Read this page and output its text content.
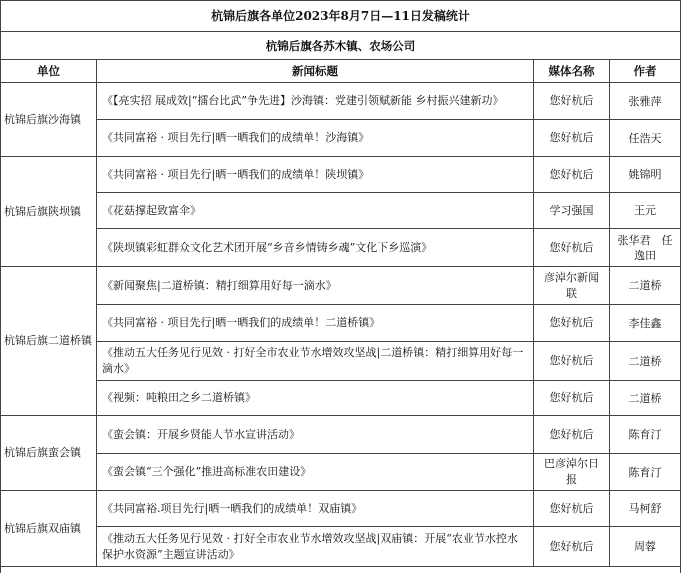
杭锦后旗各单位2023年8月7日—11日发稿统计			
杭锦后旗各苏木镇、农场公司			
单位	新闻标题	媒体名称	作者
杭锦后旗沙海镇	《【亮实招 展成效|“擂台比武”争先进】沙海镇：党建引领赋新能 乡村振兴建新功》	您好杭后	张雅萍
	《共同富裕 · 项目先行|晒一晒我们的成绩单！沙海镇》	您好杭后	任浩天
杭锦后旗陕坝镇	《共同富裕 · 项目先行|晒一晒我们的成绩单！陕坝镇》	您好杭后	姚锦明
	《花菇撑起致富伞》	学习强国	王元
	《陕坝镇彩虹群众文化艺术团开展“乡音乡情铸乡魂”文化下乡巡演》	您好杭后	张华君　任逸田
杭锦后旗二道桥镇	《新闻聚焦|二道桥镇：精打细算用好每一滴水》	彦淖尔新闻联	二道桥
	《共同富裕 · 项目先行|晒一晒我们的成绩单！二道桥镇》	您好杭后	李佳鑫
	《推动五大任务见行见效 · 打好全市农业节水增效攻坚战|二道桥镇：精打细算用好每一滴水》	您好杭后	二道桥
	《视频：吨粮田之乡二道桥镇》	您好杭后	二道桥
杭锦后旗蛮会镇	《蛮会镇：开展乡贤能人节水宣讲活动》	您好杭后	陈育汀
	《蛮会镇“三个强化”推进高标准农田建设》	巴彦淖尔日报	陈育汀
杭锦后旗双庙镇	《共同富裕.项目先行|晒一晒我们的成绩单！双庙镇》	您好杭后	马柯舒
	《推动五大任务见行见效 · 打好全市农业节水增效攻坚战|双庙镇：开展“农业节水控水 保护水资源”主题宣讲活动》	您好杭后	周蓉
